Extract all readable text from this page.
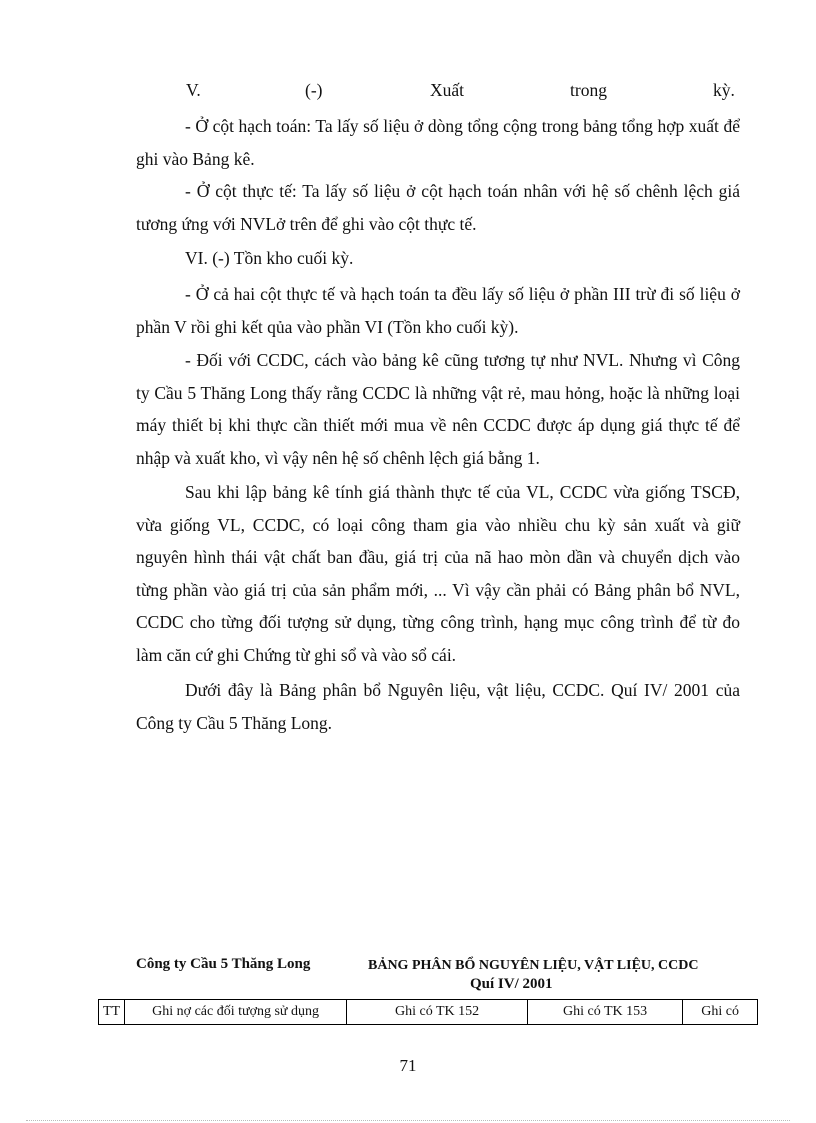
V.	(-)	Xuất	trong	kỳ.
- Ở cột hạch toán: Ta lấy số liệu ở dòng tổng cộng trong bảng tổng hợp xuất để ghi vào Bảng kê.
- Ở cột thực tế: Ta lấy số liệu ở cột hạch toán nhân với hệ số chênh lệch giá tương ứng với NVLở trên để ghi vào cột thực tế.
VI. (-) Tồn kho cuối kỳ.
- Ở cả hai cột thực tế và hạch toán ta đều lấy số liệu ở phần III trừ đi số liệu ở phần V rồi ghi kết qủa vào phần VI (Tồn kho cuối kỳ).
- Đối với CCDC, cách vào bảng kê cũng tương tự như NVL. Nhưng vì Công ty Cầu 5 Thăng Long thấy rằng CCDC là những vật rẻ, mau hỏng, hoặc là những loại máy thiết bị khi thực cần thiết mới mua về nên CCDC được áp dụng giá thực tế để nhập và xuất kho, vì vậy nên hệ số chênh lệch giá bằng 1.
Sau khi lập bảng kê tính giá thành thực tế của VL, CCDC vừa giống TSCĐ, vừa giống VL, CCDC, có loại công tham gia vào nhiều chu kỳ sản xuất và giữ nguyên hình thái vật chất ban đầu, giá trị của nã hao mòn dần và chuyển dịch vào từng phần vào giá trị của sản phẩm mới, ... Vì vậy cần phải có Bảng phân bổ NVL, CCDC cho từng đối tượng sử dụng, từng công trình, hạng mục công trình để từ đo làm căn cứ ghi Chứng từ ghi sổ và vào sổ cái.
Dưới đây là Bảng phân bổ Nguyên liệu, vật liệu, CCDC. Quí IV/ 2001 của Công ty Cầu 5 Thăng Long.
Công ty Cầu 5 Thăng Long	BẢNG PHÂN BỔ NGUYÊN LIỆU, VẬT LIỆU, CCDC
Quí IV/ 2001
TT	Ghi nợ các đối tượng sử dụng	Ghi có TK 152	Ghi có TK 153	Ghi có
71
